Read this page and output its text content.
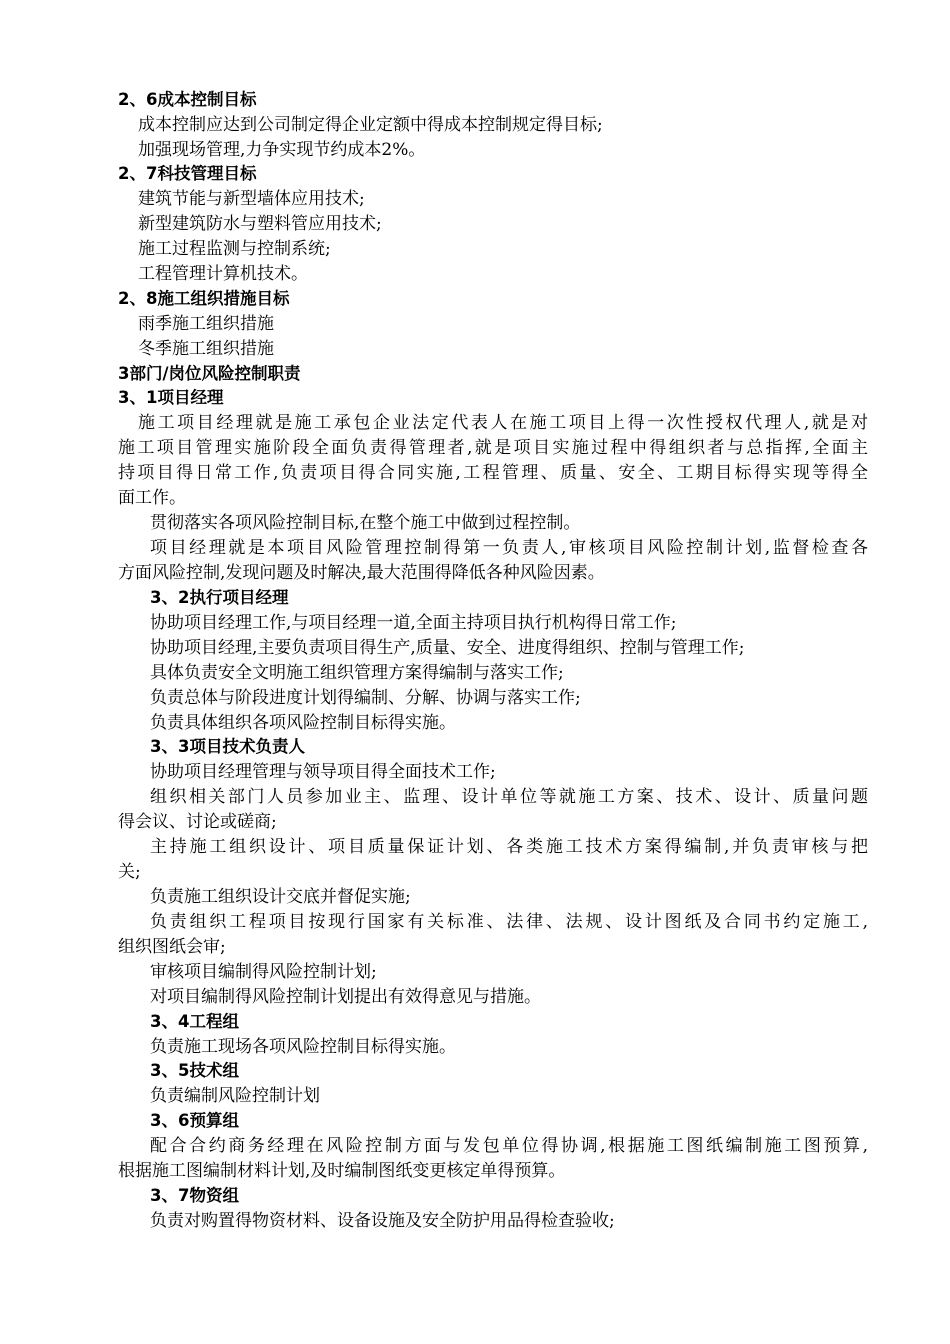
2、6成本控制目标
成本控制应达到公司制定得企业定额中得成本控制规定得目标;
加强现场管理,力争实现节约成本2%。
2、7科技管理目标
建筑节能与新型墙体应用技术;
新型建筑防水与塑料管应用技术;
施工过程监测与控制系统;
工程管理计算机技术。
2、8施工组织措施目标
雨季施工组织措施
冬季施工组织措施
3部门/岗位风险控制职责
3、1项目经理
施工项目经理就是施工承包企业法定代表人在施工项目上得一次性授权代理人,就是对
施工项目管理实施阶段全面负责得管理者,就是项目实施过程中得组织者与总指挥,全面主
持项目得日常工作,负责项目得合同实施,工程管理、质量、安全、工期目标得实现等得全
面工作。
贯彻落实各项风险控制目标,在整个施工中做到过程控制。
项目经理就是本项目风险管理控制得第一负责人,审核项目风险控制计划,监督检查各
方面风险控制,发现问题及时解决,最大范围得降低各种风险因素。
3、2执行项目经理
协助项目经理工作,与项目经理一道,全面主持项目执行机构得日常工作;
协助项目经理,主要负责项目得生产,质量、安全、进度得组织、控制与管理工作;
具体负责安全文明施工组织管理方案得编制与落实工作;
负责总体与阶段进度计划得编制、分解、协调与落实工作;
负责具体组织各项风险控制目标得实施。
3、3项目技术负责人
协助项目经理管理与领导项目得全面技术工作;
组织相关部门人员参加业主、监理、设计单位等就施工方案、技术、设计、质量问题
得会议、讨论或磋商;
主持施工组织设计、项目质量保证计划、各类施工技术方案得编制,并负责审核与把
关;
负责施工组织设计交底并督促实施;
负责组织工程项目按现行国家有关标准、法律、法规、设计图纸及合同书约定施工,
组织图纸会审;
审核项目编制得风险控制计划;
对项目编制得风险控制计划提出有效得意见与措施。
3、4工程组
负责施工现场各项风险控制目标得实施。
3、5技术组
负责编制风险控制计划
3、6预算组
配合合约商务经理在风险控制方面与发包单位得协调,根据施工图纸编制施工图预算,
根据施工图编制材料计划,及时编制图纸变更核定单得预算。
3、7物资组
负责对购置得物资材料、设备设施及安全防护用品得检查验收;
